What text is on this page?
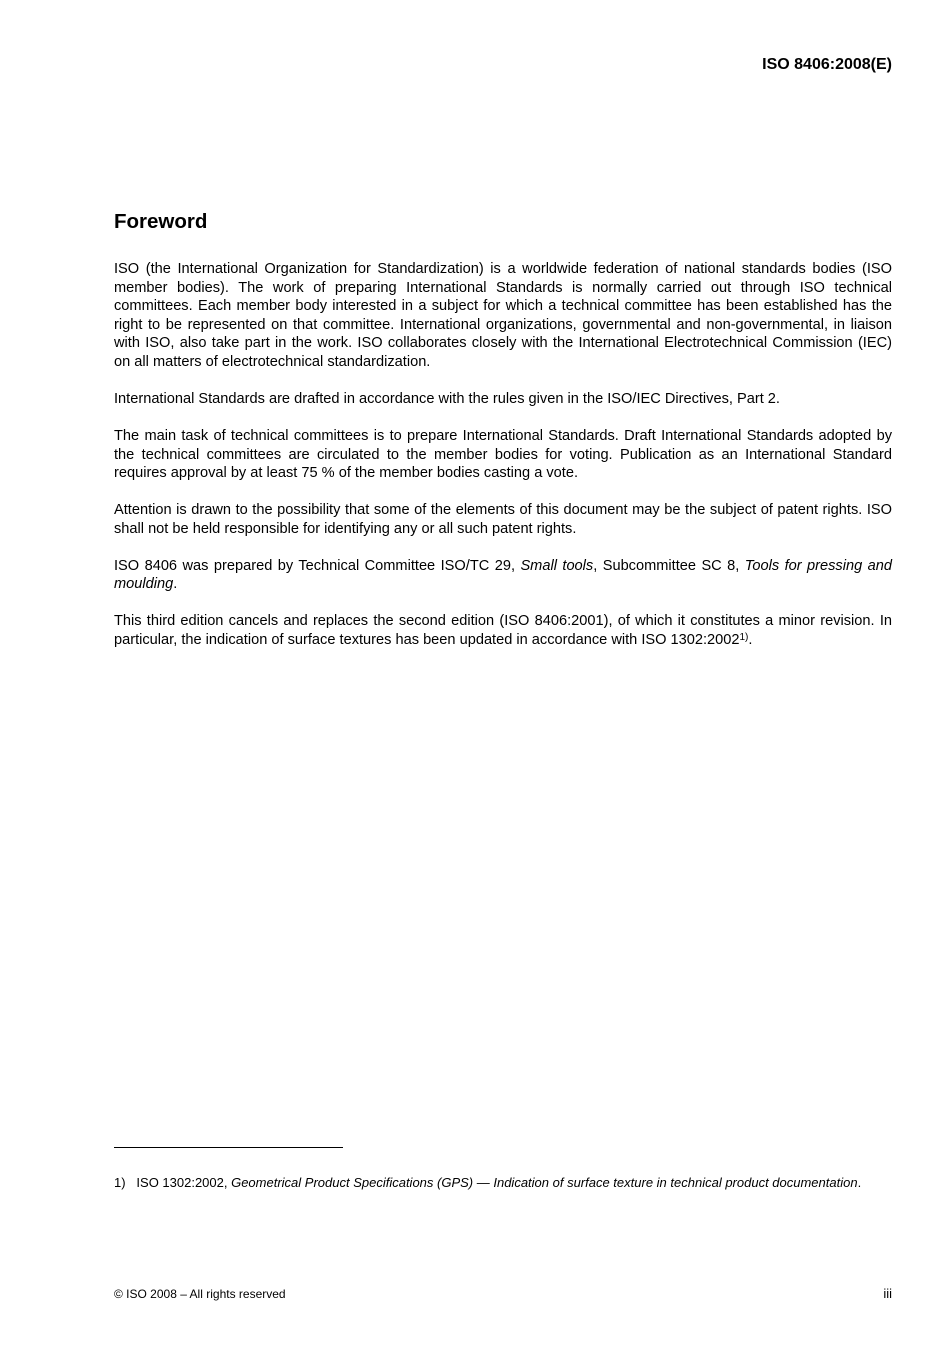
ISO 8406:2008(E)
Foreword

ISO (the International Organization for Standardization) is a worldwide federation of national standards bodies (ISO member bodies). The work of preparing International Standards is normally carried out through ISO technical committees. Each member body interested in a subject for which a technical committee has been established has the right to be represented on that committee. International organizations, governmental and non-governmental, in liaison with ISO, also take part in the work. ISO collaborates closely with the International Electrotechnical Commission (IEC) on all matters of electrotechnical standardization.

International Standards are drafted in accordance with the rules given in the ISO/IEC Directives, Part 2.

The main task of technical committees is to prepare International Standards. Draft International Standards adopted by the technical committees are circulated to the member bodies for voting. Publication as an International Standard requires approval by at least 75 % of the member bodies casting a vote.

Attention is drawn to the possibility that some of the elements of this document may be the subject of patent rights. ISO shall not be held responsible for identifying any or all such patent rights.

ISO 8406 was prepared by Technical Committee ISO/TC 29, Small tools, Subcommittee SC 8, Tools for pressing and moulding.

This third edition cancels and replaces the second edition (ISO 8406:2001), of which it constitutes a minor revision. In particular, the indication of surface textures has been updated in accordance with ISO 1302:2002$^{1)}$.

1) ISO 1302:2002, Geometrical Product Specifications (GPS) — Indication of surface texture in technical product documentation.

© ISO 2008 – All rights reserved	iii
